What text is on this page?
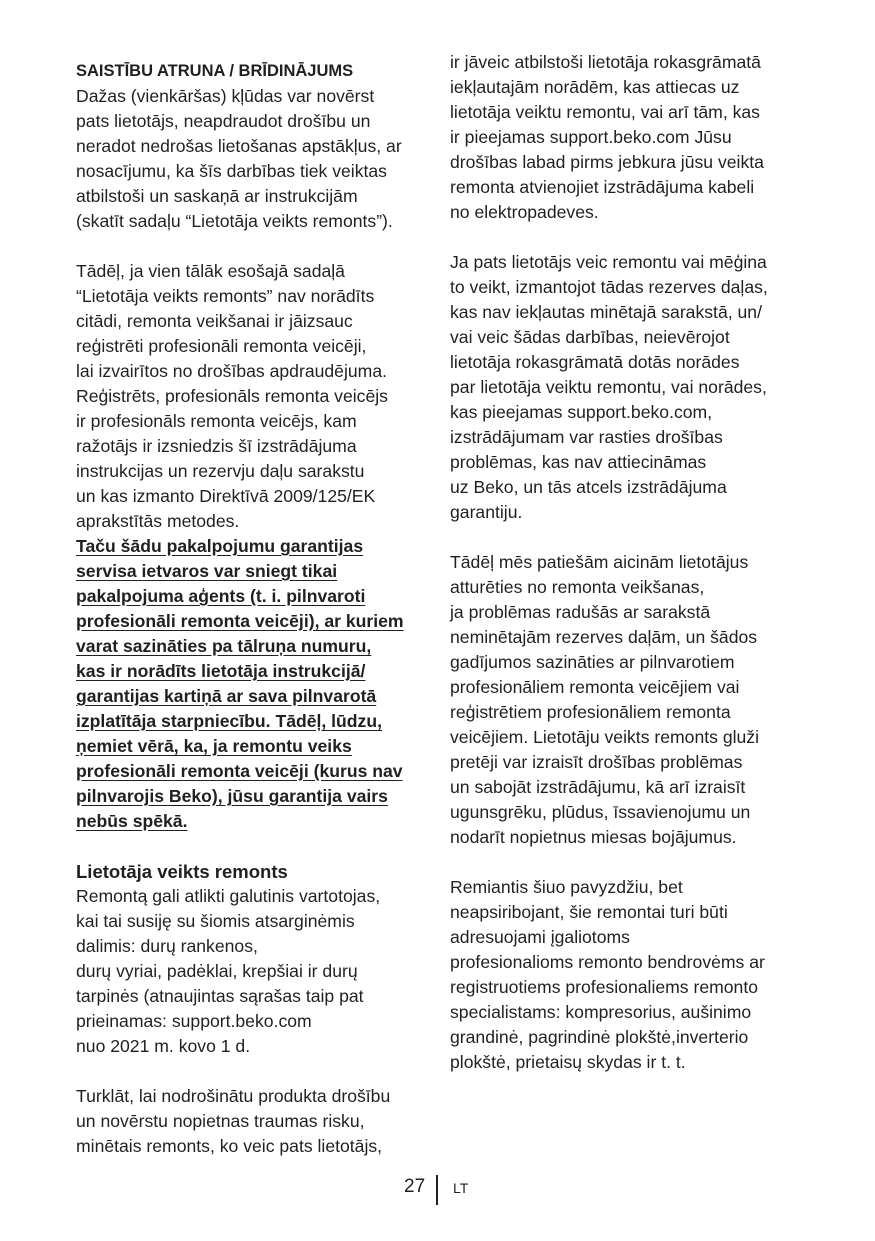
SAISTĪBU ATRUNA / BRĪDINĀJUMS
Dažas (vienkāršas) kļūdas var novērst
pats lietotājs, neapdraudot drošību un
neradot nedrošas lietošanas apstākļus, ar
nosacījumu, ka šīs darbības tiek veiktas
atbilstoši un saskaņā ar instrukcijām
(skatīt sadaļu “Lietotāja veikts remonts”).
Tādēļ, ja vien tālāk esošajā sadaļā
“Lietotāja veikts remonts” nav norādīts
citādi, remonta veikšanai ir jāizsauc
reģistrēti profesionāli remonta veicēji,
lai izvairītos no drošības apdraudējuma.
Reģistrēts, profesionāls remonta veicējs
ir profesionāls remonta veicējs, kam
ražotājs ir izsniedzis šī izstrādājuma
instrukcijas un rezervju daļu sarakstu
un kas izmanto Direktīvā 2009/125/EK
aprakstītās metodes.
Taču šādu pakalpojumu garantijas
servisa ietvaros var sniegt tikai
pakalpojuma aģents (t. i. pilnvaroti
profesionāli remonta veicēji), ar kuriem
varat sazināties pa tālruņa numuru,
kas ir norādīts lietotāja instrukcijā/
garantijas kartiņā ar sava pilnvarotā
izplatītāja starpniecību. Tādēļ, lūdzu,
ņemiet vērā, ka, ja remontu veiks
profesionāli remonta veicēji (kurus nav
pilnvarojis Beko), jūsu garantija vairs
nebūs spēkā.
Lietotāja veikts remonts
Remontą gali atlikti galutinis vartotojas,
kai tai susiję su šiomis atsarginėmis
dalimis: durų rankenos,
durų vyriai, padėklai, krepšiai ir durų
tarpinės (atnaujintas sąrašas taip pat
prieinamas: support.beko.com
nuo 2021 m. kovo 1 d.
Turklāt, lai nodrošinātu produkta drošību
un novērstu nopietnas traumas risku,
minētais remonts, ko veic pats lietotājs,
ir jāveic atbilstoši lietotāja rokasgrāmatā
iekļautajām norādēm, kas attiecas uz
lietotāja veiktu remontu, vai arī tām, kas
ir pieejamas support.beko.com Jūsu
drošības labad pirms jebkura jūsu veikta
remonta atvienojiet izstrādājuma kabeli
no elektropadeves.
Ja pats lietotājs veic remontu vai mēģina
to veikt, izmantojot tādas rezerves daļas,
kas nav iekļautas minētajā sarakstā, un/
vai veic šādas darbības, neievērojot
lietotāja rokasgrāmatā dotās norādes
par lietotāja veiktu remontu, vai norādes,
kas pieejamas support.beko.com,
izstrādājumam var rasties drošības
problēmas, kas nav attiecināmas
uz Beko, un tās atcels izstrādājuma
garantiju.
Tādēļ mēs patiešām aicinām lietotājus
atturēties no remonta veikšanas,
ja problēmas radušās ar sarakstā
neminētajām rezerves daļām, un šādos
gadījumos sazināties ar pilnvarotiem
profesionāliem remonta veicējiem vai
reģistrētiem profesionāliem remonta
veicējiem. Lietotāju veikts remonts gluži
pretēji var izraisīt drošības problēmas
un sabojāt izstrādājumu, kā arī izraisīt
ugunsgrēku, plūdus, īssavienojumu un
nodarīt nopietnus miesas bojājumus.
Remiantis šiuo pavyzdžiu, bet
neapsiribojant, šie remontai turi būti
adresuojami įgaliotoms
profesionalioms remonto bendrovėms ar
registruotiems profesionaliems remonto
specialistams: kompresorius, aušinimo
grandinė, pagrindinė plokštė,inverterio
plokštė, prietaisų skydas ir t. t.
27 LT
